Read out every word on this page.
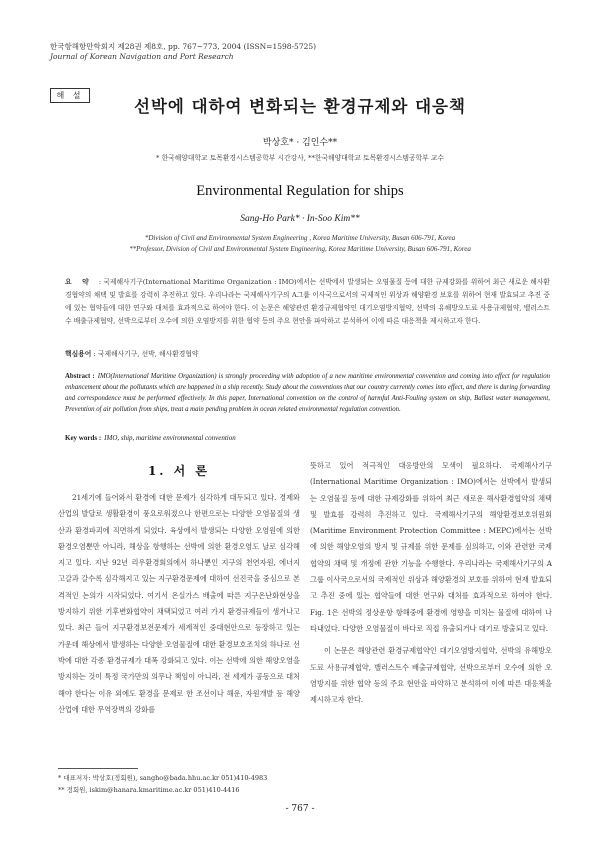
한국항해항만학회지 제28권 제8호, pp. 767~773, 2004 (ISSN=1598-5725)
Journal of Korean Navigation and Port Research
해 설
선박에 대하여 변화되는 환경규제와 대응책
박상호* · 김인수**
* 한국해양대학교 토목환경시스템공학부 시간강사, **한국해양대학교 토목환경시스템공학부 교수
Environmental Regulation for ships
Sang-Ho Park* · In-Soo Kim**
*Division of Civil and Environmental System Engineering , Korea Maritime University, Busan 606-791, Korea
**Professor, Division of Civil and Environmental System Engineering, Korea Maritime University, Busan 606-791, Korea
요 약 : 국제해사기구(International Maritime Organization : IMO)에서는 선박에서 발생되는 오염물질 등에 대한 규제강화를 위하여 최근 새로운 해사환경협약의 채택 및 발효를 강력히 추진하고 있다. 우리나라는 국제해사기구의 A그룹 이사국으로서의 국제적인 위상과 해양환경 보호를 위하여 현재 발효되고 추진 중에 있는 협약들에 대한 연구와 대처를 효과적으로 하여야 한다. 이 논문은 해양관련 환경규제협약인 대기오염방지협약, 선박의 유해방오도료 사용규제협약, 밸러스트수 배출규제협약, 선박으로부터 오수에 의한 오염방지를 위한 협약 등의 주요 현안을 파악하고 분석하여 이에 따른 대응책을 제시하고자 한다.
핵심용어 : 국제해사기구, 선박, 해사환경협약
Abstract : IMO(International Maritime Organization) is strongly proceeding with adoption of a new maritime environmental convention and coming into effect for regulation enhancement about the pollutants which are happened in a ship recently. Study about the conventions that our country currently comes into effect, and there is during forwarding and correspondence must be performed effectively. In this paper, International convention on the control of harmful Anti-Fouling system on ship, Ballast water management, Prevention of air pollution from ships, treat a main pending problem in ocean related environmental regulation convention.
Key words : IMO, ship, maritime environmental convention
1. 서 론

21세기에 들어와서 환경에 대한 문제가 심각하게 대두되고 있다. 경제와 산업의 발달로 생활환경이 풍요로워졌으나 한편으로는 다양한 오염물질의 생산과 환경파괴에 직면하게 되었다. 육상에서 발생되는 다양한 오염원에 의한 환경오염뿐만 아니라, 해상을 항행하는 선박에 의한 환경오염도 날로 심각해지고 있다. 지난 92년 리우환경회의에서 하나뿐인 지구의 천연자원, 에너지 고갈과 갈수록 심각해지고 있는 지구환경문제에 대하여 선진국을 중심으로 본격적인 논의가 시작되었다. 여기서 온실가스 배출에 따른 지구온난화현상을 방지하기 위한 기후변화협약이 채택되었고 여러 가지 환경규제들이 생겨나고 있다. 최근 들어 지구환경보전문제가 세계적인 중대현안으로 등장하고 있는 가운데 해상에서 발생하는 다양한 오염물질에 대한 환경보호조치의 하나로 선박에 대한 각종 환경규제가 대폭 강화되고 있다. 이는 선박에 의한 해양오염을 방지하는 것이 특정 국가만의 의무나 책임이 아니라, 전 세계가 공동으로 대처해야 한다는 이유 외에도 환경을 문제로 한 조선이나 해운, 자원개발 등 해양산업에 대한 무역장벽의 강화를

뜻하고 있어 적극적인 대응방안의 모색이 필요하다. 국제해사기구(International Maritime Organization : IMO)에서는 선박에서 발생되는 오염물질 등에 대한 규제강화를 위하여 최근 새로운 해사환경협약의 채택 및 발효를 강력히 추진하고 있다. 국제해사기구의 해양환경보호위원회(Maritime Environment Protection Committee : MEPC)에서는 선박에 의한 해양오염의 방지 및 규제를 위한 문제를 심의하고, 이와 관련한 국제협약의 채택 및 개정에 관한 기능을 수행한다. 우리나라는 국제해사기구의 A그룹 이사국으로서의 국제적인 위상과 해양환경의 보호를 위하여 현재 발효되고 추진 중에 있는 협약들에 대한 연구와 대처를 효과적으로 하여야 한다. Fig. 1은 선박의 정상운항 항해중에 환경에 영향을 미치는 물질에 대하여 나타내었다. 다양한 오염물질이 바다로 직접 유출되거나 대기로 방출되고 있다.

이 논문은 해양관련 환경규제협약인 대기오염방지협약, 선박의 유해방오도료 사용규제협약, 밸러스트수 배출규제협약, 선박으로부터 오수에 의한 오염방지를 위한 협약 등의 주요 현안을 파악하고 분석하여 이에 따른 대응책을 제시하고자 한다.

* 대표저자: 박상호(정회원), sangho@bada.hhu.ac.kr 051)410-4983
** 정회원, iskim@hanara.kmaritime.ac.kr 051)410-4416
- 767 -
